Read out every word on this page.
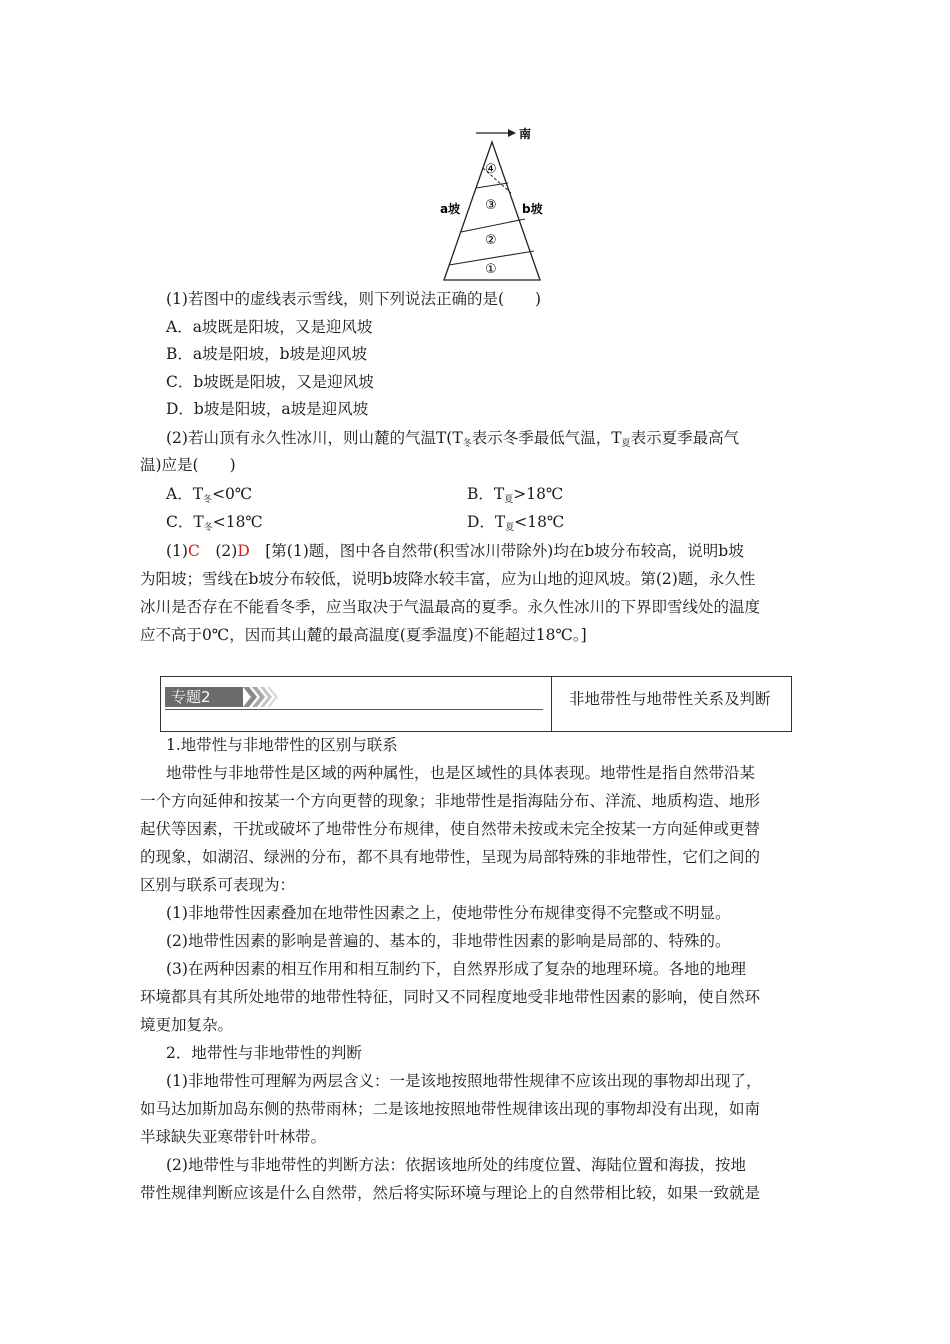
南
a坡	b坡
④
③
②
①
(1)若图中的虚线表示雪线，则下列说法正确的是(　　)
A．a坡既是阳坡，又是迎风坡
B．a坡是阳坡，b坡是迎风坡
C．b坡既是阳坡，又是迎风坡
D．b坡是阳坡，a坡是迎风坡
(2)若山顶有永久性冰川，则山麓的气温$T(T_冬$表示冬季最低气温，$T_夏$表示夏季最高气
温)应是(　　)
A．$T_冬<0℃$	B．$T_夏>18℃$
C．$T_冬<18℃$	D．$T_夏<18℃$
(1)C　(2)D　[第(1)题，图中各自然带(积雪冰川带除外)均在b坡分布较高，说明b坡
为阳坡；雪线在b坡分布较低，说明b坡降水较丰富，应为山地的迎风坡。第(2)题，永久性
冰川是否存在不能看冬季，应当取决于气温最高的夏季。永久性冰川的下界即雪线处的温度
应不高于0℃，因而其山麓的最高温度(夏季温度)不能超过18℃。]
专题2	非地带性与地带性关系及判断
1.地带性与非地带性的区别与联系
地带性与非地带性是区域的两种属性，也是区域性的具体表现。地带性是指自然带沿某
一个方向延伸和按某一个方向更替的现象；非地带性是指海陆分布、洋流、地质构造、地形
起伏等因素，干扰或破坏了地带性分布规律，使自然带未按或未完全按某一方向延伸或更替
的现象，如湖沼、绿洲的分布，都不具有地带性，呈现为局部特殊的非地带性，它们之间的
区别与联系可表现为：
(1)非地带性因素叠加在地带性因素之上，使地带性分布规律变得不完整或不明显。
(2)地带性因素的影响是普遍的、基本的，非地带性因素的影响是局部的、特殊的。
(3)在两种因素的相互作用和相互制约下，自然界形成了复杂的地理环境。各地的地理
环境都具有其所处地带的地带性特征，同时又不同程度地受非地带性因素的影响，使自然环
境更加复杂。
2．地带性与非地带性的判断
(1)非地带性可理解为两层含义：一是该地按照地带性规律不应该出现的事物却出现了，
如马达加斯加岛东侧的热带雨林；二是该地按照地带性规律该出现的事物却没有出现，如南
半球缺失亚寒带针叶林带。
(2)地带性与非地带性的判断方法：依据该地所处的纬度位置、海陆位置和海拔，按地
带性规律判断应该是什么自然带，然后将实际环境与理论上的自然带相比较，如果一致就是
